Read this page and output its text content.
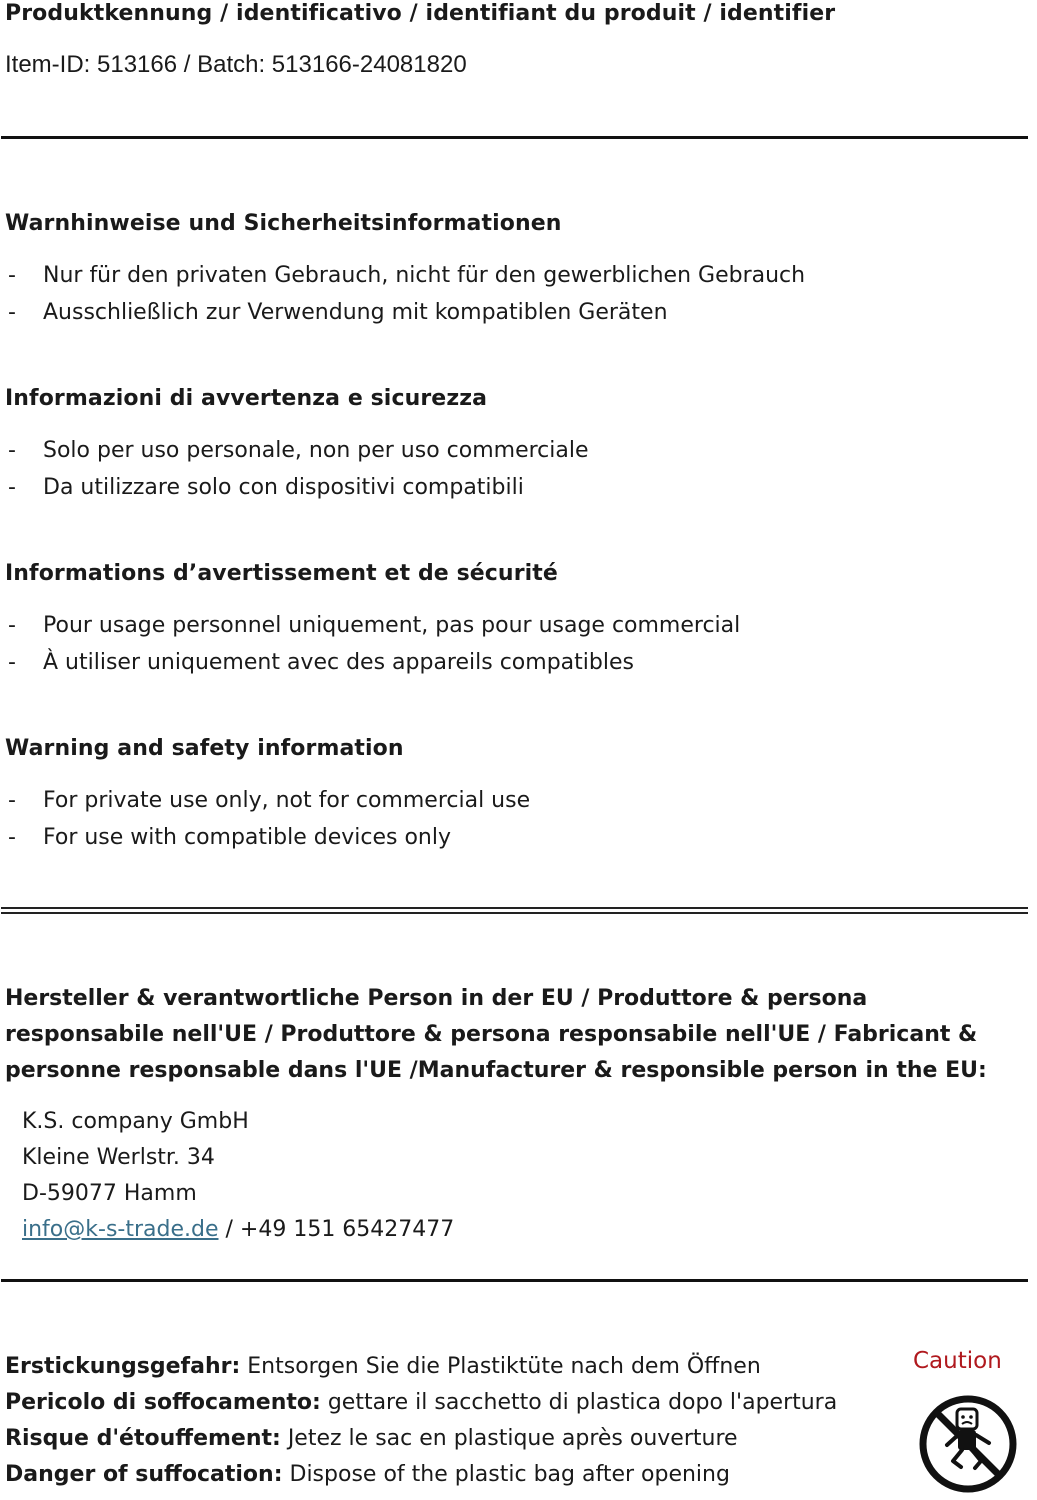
Produktkennung / identificativo / identifiant du produit / identifier
Item-ID: 513166 / Batch: 513166-24081820
Warnhinweise und Sicherheitsinformationen
- Nur für den privaten Gebrauch, nicht für den gewerblichen Gebrauch
- Ausschließlich zur Verwendung mit kompatiblen Geräten
Informazioni di avvertenza e sicurezza
- Solo per uso personale, non per uso commerciale
- Da utilizzare solo con dispositivi compatibili
Informations d’avertissement et de sécurité
- Pour usage personnel uniquement, pas pour usage commercial
- À utiliser uniquement avec des appareils compatibles
Warning and safety information
- For private use only, not for commercial use
- For use with compatible devices only
Hersteller & verantwortliche Person in der EU / Produttore & persona responsabile nell'UE / Produttore & persona responsabile nell'UE / Fabricant & personne responsable dans l'UE /Manufacturer & responsible person in the EU:
K.S. company GmbH
Kleine Werlstr. 34
D-59077 Hamm
info@k-s-trade.de / +49 151 65427477
Erstickungsgefahr: Entsorgen Sie die Plastiktüte nach dem Öffnen
Pericolo di soffocamento: gettare il sacchetto di plastica dopo l'apertura
Risque d'étouffement: Jetez le sac en plastique après ouverture
Danger of suffocation: Dispose of the plastic bag after opening
Caution
